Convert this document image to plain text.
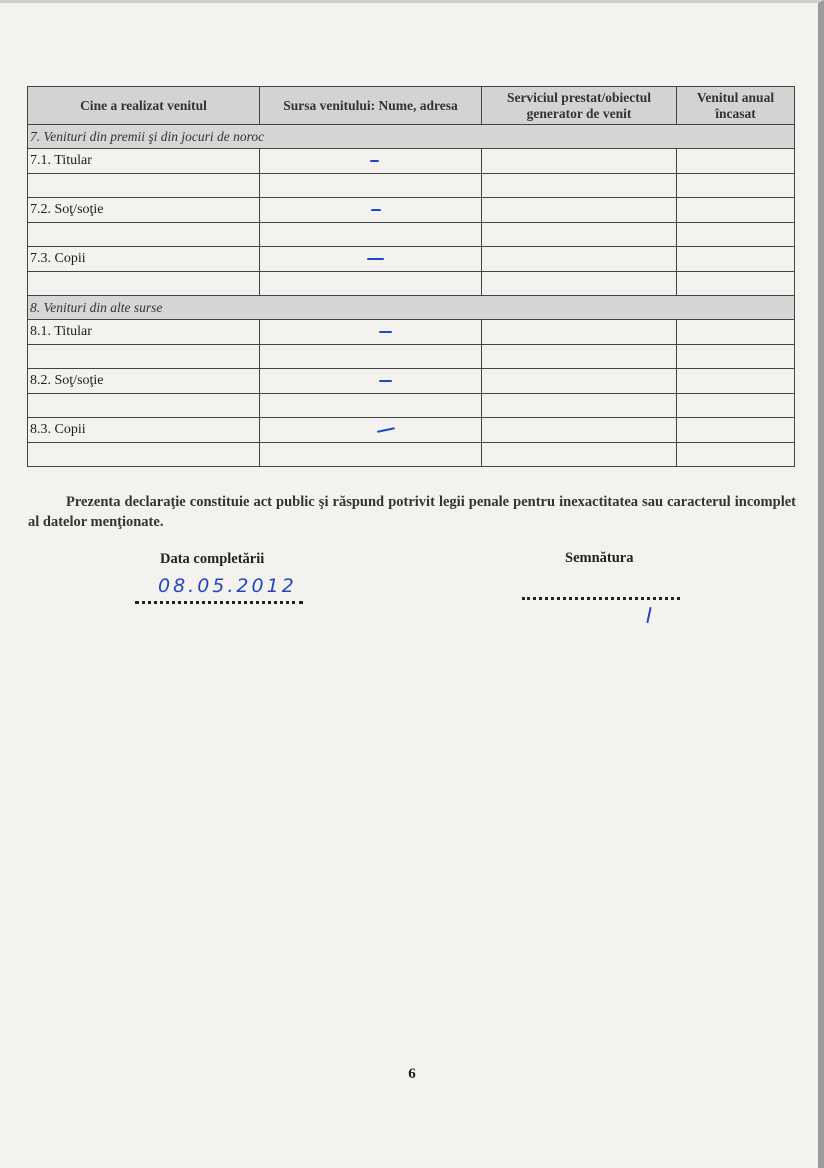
Cine a realizat venitul	Sursa venitului: Nume, adresa	Serviciul prestat/obiectul generator de venit	Venitul anual încasat
7. Venituri din premii şi din jocuri de noroc			
7.1. Titular			

7.2. Soţ/soţie			

7.3. Copii			

8. Venituri din alte surse			
8.1. Titular			

8.2. Soţ/soţie			

8.3. Copii			

Prezenta declaraţie constituie act public şi răspund potrivit legii penale pentru inexactitatea sau caracterul incomplet al datelor menţionate.
Data completării	Semnătura
08.05.2012
6
